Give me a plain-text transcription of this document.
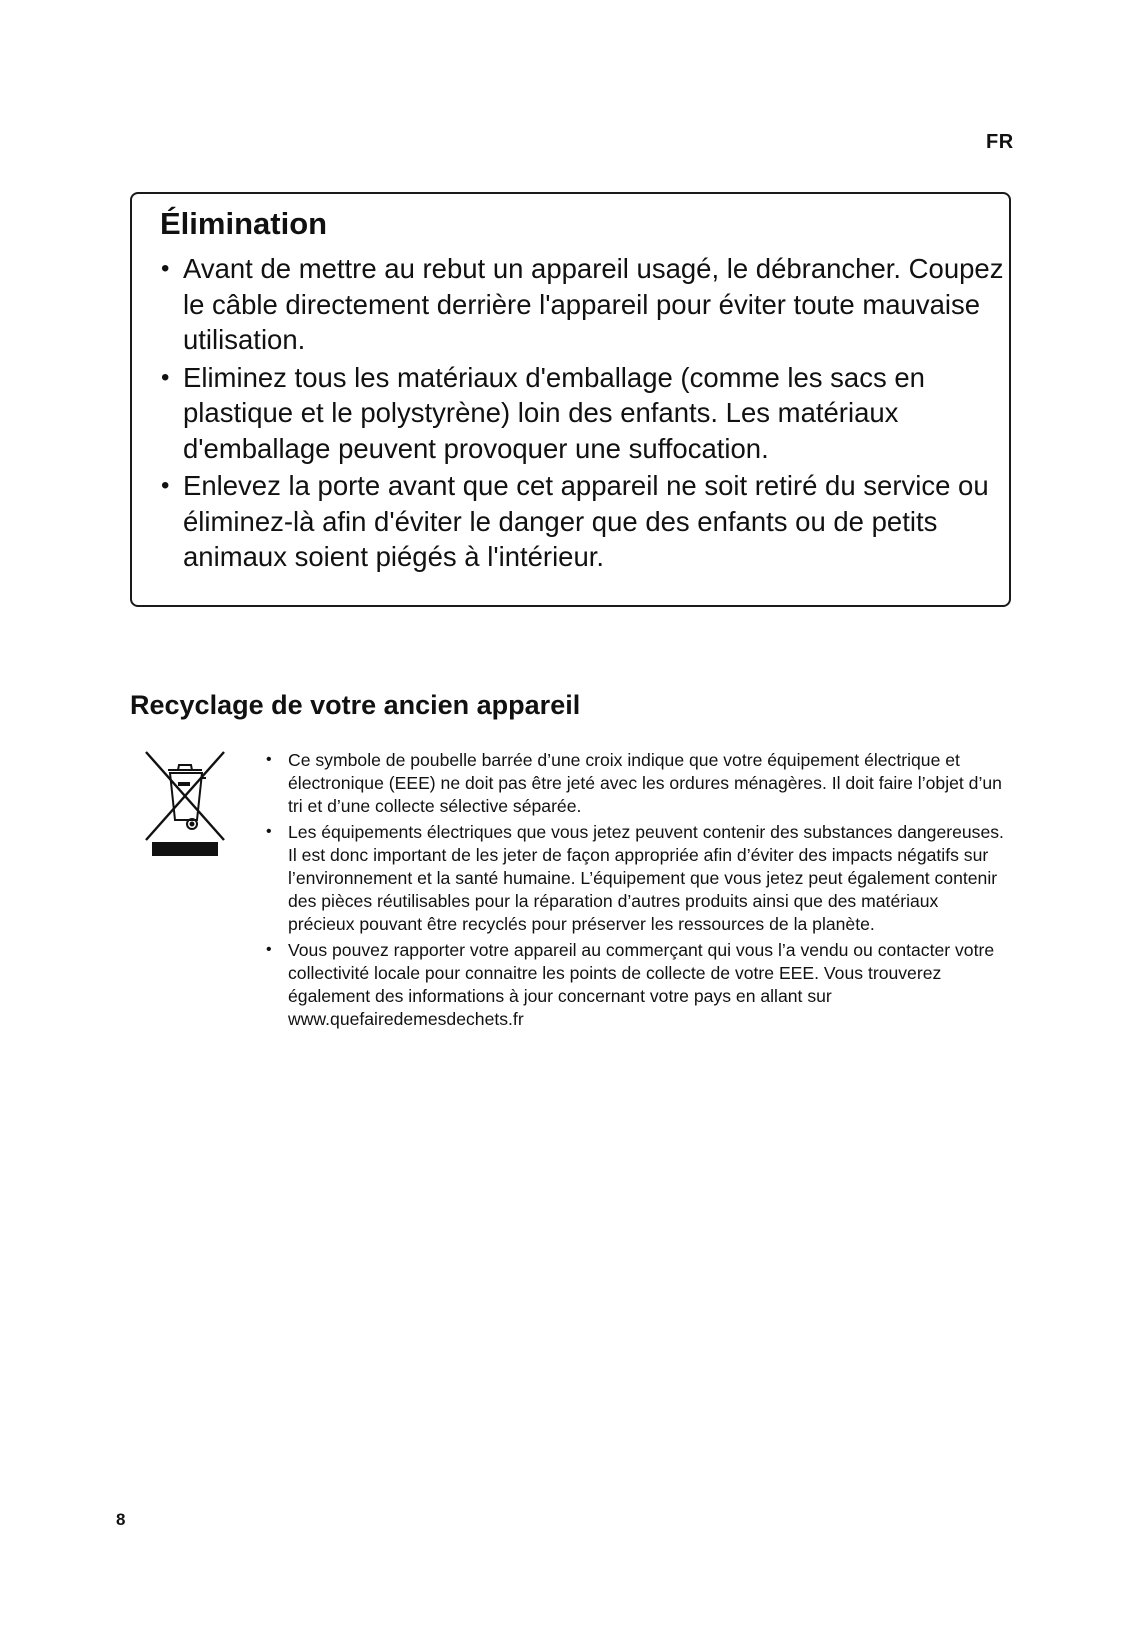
FR
Élimination
• Avant de mettre au rebut un appareil usagé, le débrancher. Coupez le câble directement derrière l'appareil pour éviter toute mauvaise utilisation.
• Eliminez tous les matériaux d'emballage (comme les sacs en plastique et le polystyrène) loin des enfants. Les matériaux d'emballage peuvent provoquer une suffocation.
• Enlevez la porte avant que cet appareil ne soit retiré du service ou éliminez-là afin d'éviter le danger que des enfants ou de petits animaux soient piégés à l'intérieur.
Recyclage de votre ancien appareil
• Ce symbole de poubelle barrée d’une croix indique que votre équipement électrique et électronique (EEE) ne doit pas être jeté avec les ordures ménagères. Il doit faire l’objet d’un tri et d’une collecte sélective séparée.
• Les équipements électriques que vous jetez peuvent contenir des substances dangereuses. Il est donc important de les jeter de façon appropriée afin d’éviter des impacts négatifs sur l’environnement et la santé humaine. L’équipement que vous jetez peut également contenir des pièces réutilisables pour la réparation d’autres produits ainsi que des matériaux précieux pouvant être recyclés pour préserver les ressources de la planète.
• Vous pouvez rapporter votre appareil au commerçant qui vous l’a vendu ou contacter votre collectivité locale pour connaitre les points de collecte de votre EEE. Vous trouverez également des informations à jour concernant votre pays en allant sur www.quefairedemesdechets.fr
8
